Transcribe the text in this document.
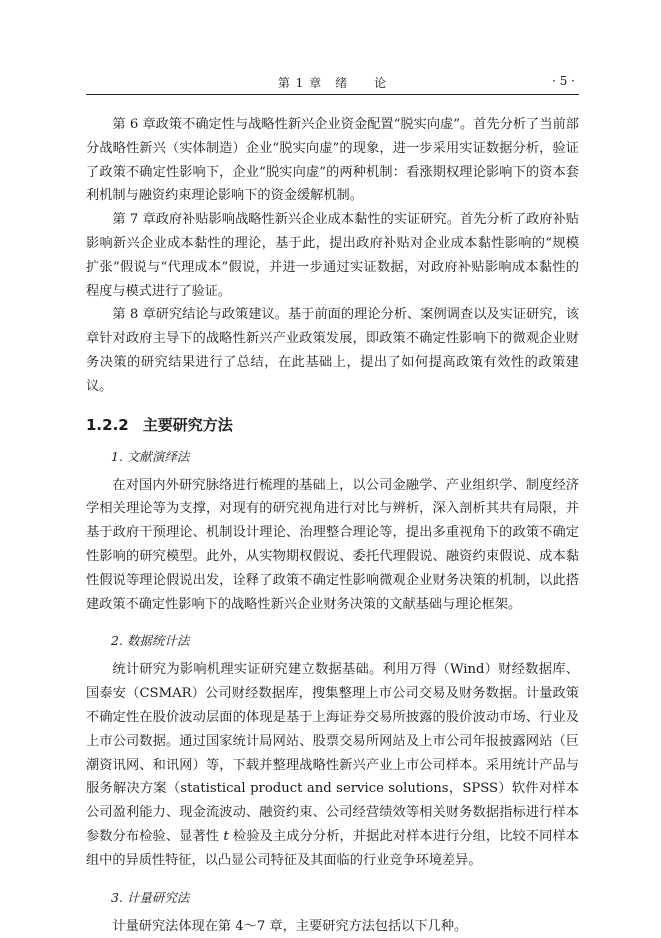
第 1 章　绪　　论	· 5 ·

第 6 章政策不确定性与战略性新兴企业资金配置“脱实向虚”。首先分析了当前部分战略性新兴（实体制造）企业“脱实向虚”的现象，进一步采用实证数据分析，验证了政策不确定性影响下，企业“脱实向虚”的两种机制：看涨期权理论影响下的资本套利机制与融资约束理论影响下的资金缓解机制。

第 7 章政府补贴影响战略性新兴企业成本黏性的实证研究。首先分析了政府补贴影响新兴企业成本黏性的理论，基于此，提出政府补贴对企业成本黏性影响的“规模扩张”假说与“代理成本”假说，并进一步通过实证数据，对政府补贴影响成本黏性的程度与模式进行了验证。

第 8 章研究结论与政策建议。基于前面的理论分析、案例调查以及实证研究，该章针对政府主导下的战略性新兴产业政策发展，即政策不确定性影响下的微观企业财务决策的研究结果进行了总结，在此基础上，提出了如何提高政策有效性的政策建议。

1.2.2 主要研究方法
1. 文献演绎法

在对国内外研究脉络进行梳理的基础上，以公司金融学、产业组织学、制度经济学相关理论等为支撑，对现有的研究视角进行对比与辨析，深入剖析其共有局限，并基于政府干预理论、机制设计理论、治理整合理论等，提出多重视角下的政策不确定性影响的研究模型。此外，从实物期权假说、委托代理假说、融资约束假说、成本黏性假说等理论假说出发，诠释了政策不确定性影响微观企业财务决策的机制，以此搭建政策不确定性影响下的战略性新兴企业财务决策的文献基础与理论框架。

2. 数据统计法

统计研究为影响机理实证研究建立数据基础。利用万得（Wind）财经数据库、国泰安（CSMAR）公司财经数据库，搜集整理上市公司交易及财务数据。计量政策不确定性在股价波动层面的体现是基于上海证券交易所披露的股价波动市场、行业及上市公司数据。通过国家统计局网站、股票交易所网站及上市公司年报披露网站（巨潮资讯网、和讯网）等，下载并整理战略性新兴产业上市公司样本。采用统计产品与服务解决方案（statistical product and service solutions，SPSS）软件对样本公司盈利能力、现金流波动、融资约束、公司经营绩效等相关财务数据指标进行样本参数分布检验、显著性 t 检验及主成分分析，并据此对样本进行分组，比较不同样本组中的异质性特征，以凸显公司特征及其面临的行业竞争环境差异。

3. 计量研究法

计量研究法体现在第 4～7 章，主要研究方法包括以下几种。
